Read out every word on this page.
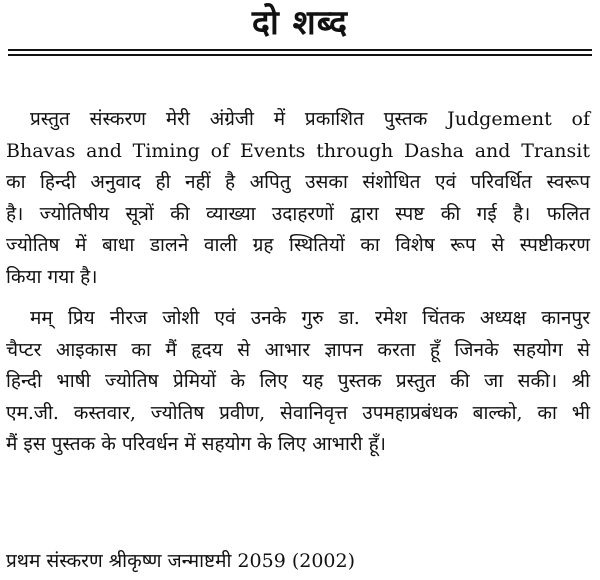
दो शब्द
प्रस्तुत संस्करण मेरी अंग्रेजी में प्रकाशित पुस्तक Judgement of
Bhavas and Timing of Events through Dasha and Transit
का हिन्दी अनुवाद ही नहीं है अपितु उसका संशोधित एवं परिवर्धित स्वरूप
है। ज्योतिषीय सूत्रों की व्याख्या उदाहरणों द्वारा स्पष्ट की गई है। फलित
ज्योतिष में बाधा डालने वाली ग्रह स्थितियों का विशेष रूप से स्पष्टीकरण
किया गया है।
मम् प्रिय नीरज जोशी एवं उनके गुरु डा. रमेश चिंतक अध्यक्ष कानपुर
चैप्टर आइकास का मैं हृदय से आभार ज्ञापन करता हूँ जिनके सहयोग से
हिन्दी भाषी ज्योतिष प्रेमियों के लिए यह पुस्तक प्रस्तुत की जा सकी। श्री
एम.जी. कस्तवार, ज्योतिष प्रवीण, सेवानिवृत्त उपमहाप्रबंधक बाल्को, का भी
मैं इस पुस्तक के परिवर्धन में सहयोग के लिए आभारी हूँ।
प्रथम संस्करण श्रीकृष्ण जन्माष्टमी 2059 (2002)
